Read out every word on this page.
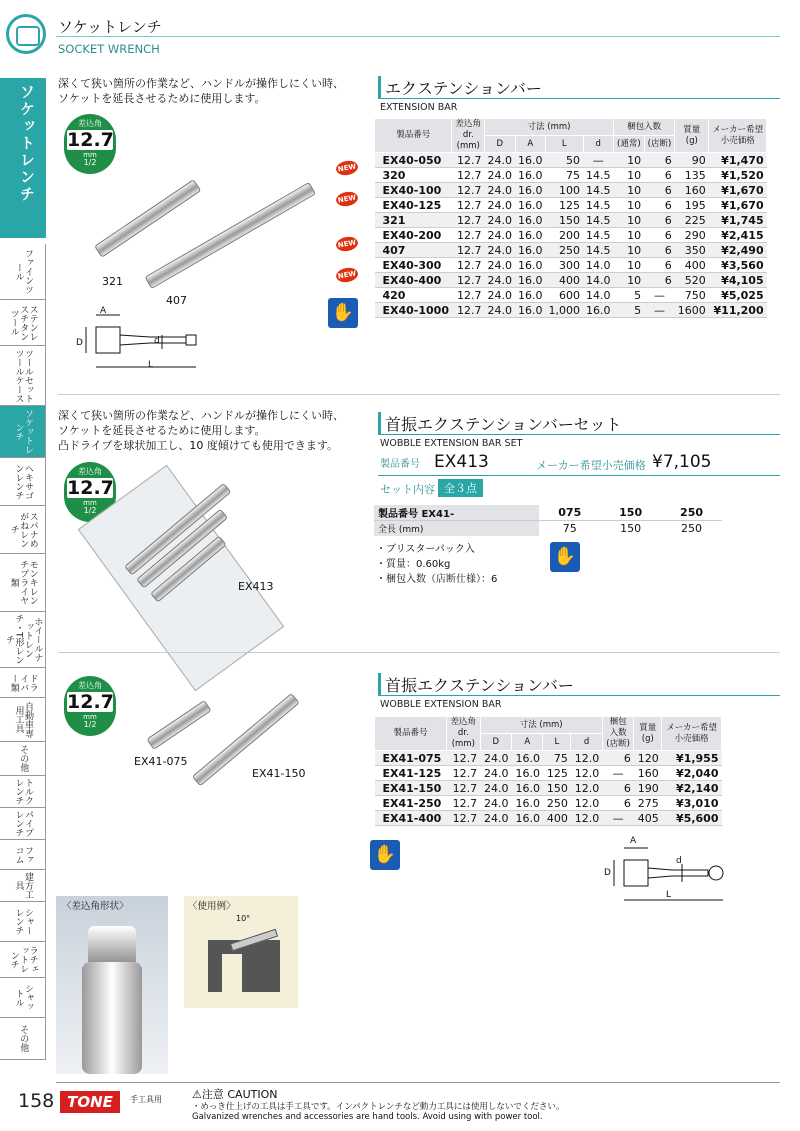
ソケットレンチ
SOCKET WRENCH
ソケットレンチ
ファインツール
ステンレスチタンツール
ツールセットツールケース
ソケットレンチ
ヘキサゴンレンチ
スパナめがねレンチ
モンキレンチプライヤ類
ホイールナットレンチ・T形レンチ
ドライバー類
自動車専用工具
その他
トルクレンチ
パイプレンチ
ファコム
建方工具
シャーレンチ
ラチェットレンチ
シャットル
その他
深くて狭い箇所の作業など、ハンドルが操作しにくい時、
ソケットを延長させるために使用します。
差込角
12.7
mm
1/2
321
407
A
D	d
L
エクステンションバー
EXTENSION BAR
製品番号	差込角
dr.
(mm)	寸法 (mm)				梱包入数		質量
(g)	メーカー希望
小売価格
		D	A	L	d	(通常)	(店断)		
EX40-050	12.7	24.0	16.0	50	—	10	6	90	¥1,470
320	12.7	24.0	16.0	75	14.5	10	6	135	¥1,520
EX40-100	12.7	24.0	16.0	100	14.5	10	6	160	¥1,670
EX40-125	12.7	24.0	16.0	125	14.5	10	6	195	¥1,670
321	12.7	24.0	16.0	150	14.5	10	6	225	¥1,745
EX40-200	12.7	24.0	16.0	200	14.5	10	6	290	¥2,415
407	12.7	24.0	16.0	250	14.5	10	6	350	¥2,490
EX40-300	12.7	24.0	16.0	300	14.0	10	6	400	¥3,560
EX40-400	12.7	24.0	16.0	400	14.0	10	6	520	¥4,105
420	12.7	24.0	16.0	600	14.0	5	—	750	¥5,025
EX40-1000	12.7	24.0	16.0	1,000	16.0	5	—	1600	¥11,200
NEW
NEW
NEW
NEW
✋
深くて狭い箇所の作業など、ハンドルが操作しにくい時、
ソケットを延長させるために使用します。
凸ドライブを球状加工し、10 度傾けても使用できます。
差込角
12.7
mm
1/2
EX413
首振エクステンションバーセット
WOBBLE EXTENSION BAR SET
製品番号 EX413	メーカー希望小売価格 ¥7,105
セット内容 全３点
製品番号 EX41-	075	150	250
全長 (mm)	75	150	250
・ブリスターパック入
・質量：0.60kg
・梱包入数（店断仕様）：6
✋
差込角
12.7
mm
1/2
EX41-075
EX41-150
首振エクステンションバー
WOBBLE EXTENSION BAR
製品番号	差込角
dr.
(mm)	寸法 (mm)				梱包
入数
(店断)	質量
(g)	メーカー希望
小売価格
		D	A	L	d			
EX41-075	12.7	24.0	16.0	75	12.0	6	120	¥1,955
EX41-125	12.7	24.0	16.0	125	12.0	—	160	¥2,040
EX41-150	12.7	24.0	16.0	150	12.0	6	190	¥2,140
EX41-250	12.7	24.0	16.0	250	12.0	6	275	¥3,010
EX41-400	12.7	24.0	16.0	400	12.0	—	405	¥5,600
✋
A
D
d
L
〈差込角形状〉	〈使用例〉
10°
158 TONE	手工具用	⚠注意 CAUTION
・めっき仕上げの工具は手工具です。インパクトレンチなど動力工具には使用しないでください。
Galvanized wrenches and accessories are hand tools. Avoid using with power tool.
